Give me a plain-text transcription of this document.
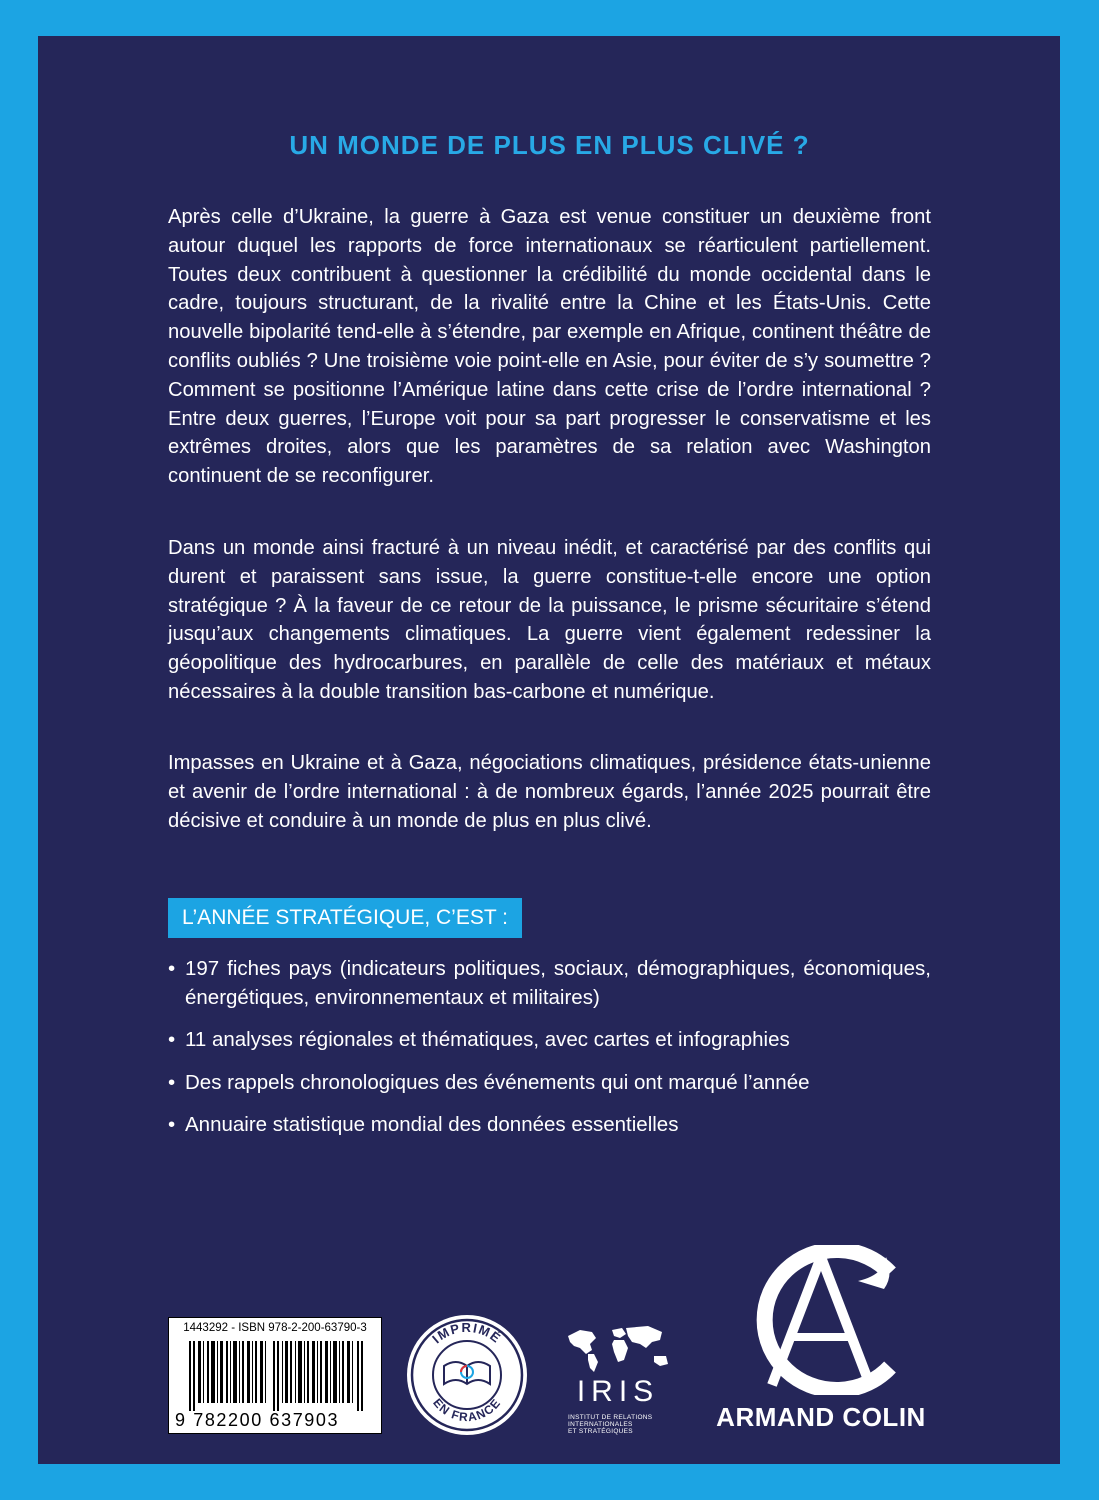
UN MONDE DE PLUS EN PLUS CLIVÉ ?
Après celle d’Ukraine, la guerre à Gaza est venue constituer un deuxième front autour duquel les rapports de force internationaux se réarticulent partiellement. Toutes deux contribuent à questionner la crédibilité du monde occidental dans le cadre, toujours structurant, de la rivalité entre la Chine et les États-Unis. Cette nouvelle bipolarité tend-elle à s’étendre, par exemple en Afrique, continent théâtre de conflits oubliés ? Une troisième voie point-elle en Asie, pour éviter de s’y soumettre ? Comment se positionne l’Amérique latine dans cette crise de l’ordre international ? Entre deux guerres, l’Europe voit pour sa part progresser le conservatisme et les extrêmes droites, alors que les paramètres de sa relation avec Washington continuent de se reconfigurer.
Dans un monde ainsi fracturé à un niveau inédit, et caractérisé par des conflits qui durent et paraissent sans issue, la guerre constitue-t-elle encore une option stratégique ? À la faveur de ce retour de la puissance, le prisme sécuritaire s’étend jusqu’aux changements climatiques. La guerre vient également redessiner la géopolitique des hydrocarbures, en parallèle de celle des matériaux et métaux nécessaires à la double transition bas-carbone et numérique.
Impasses en Ukraine et à Gaza, négociations climatiques, présidence états-unienne et avenir de l’ordre international : à de nombreux égards, l’année 2025 pourrait être décisive et conduire à un monde de plus en plus clivé.
L’ANNÉE STRATÉGIQUE, C’EST :
• 197 fiches pays (indicateurs politiques, sociaux, démographiques, économiques, énergétiques, environnementaux et militaires)
• 11 analyses régionales et thématiques, avec cartes et infographies
• Des rappels chronologiques des événements qui ont marqué l’année
• Annuaire statistique mondial des données essentielles
1443292 - ISBN 978-2-200-63790-3
9 782200 637903
IMPRIMÉ
EN FRANCE	IRIS
INSTITUT DE RELATIONS
INTERNATIONALES
ET STRATÉGIQUES	ARMAND COLIN
